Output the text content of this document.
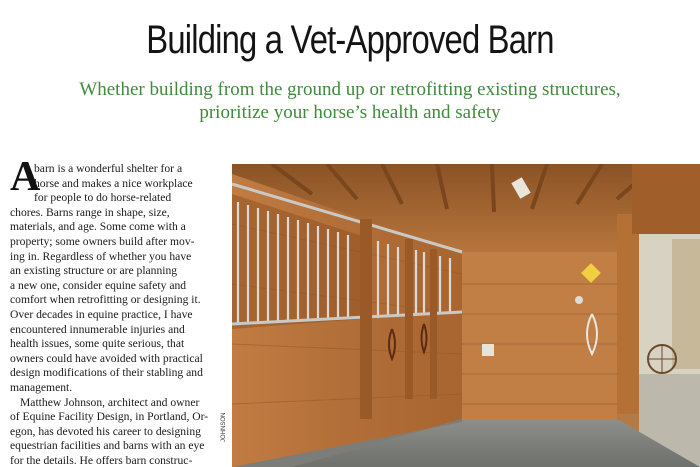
Building a Vet-Approved Barn
Whether building from the ground up or retrofitting existing structures,
prioritize your horse’s health and safety
A
barn is a wonderful shelter for a
horse and makes a nice workplace
for people to do horse-related
chores. Barns range in shape, size,
materials, and age. Some come with a
property; some owners build after mov-
ing in. Regardless of whether you have
an existing structure or are planning
a new one, consider equine safety and
comfort when retrofitting or designing it.
Over decades in equine practice, I have
encountered innumerable injuries and
health issues, some quite serious, that
owners could have avoided with practical
design modifications of their stabling and
management.
Matthew Johnson, architect and owner
of Equine Facility Design, in Portland, Or-
egon, has devoted his career to designing
equestrian facilities and barns with an eye
for the details. He offers barn construc-
JOHNSON
